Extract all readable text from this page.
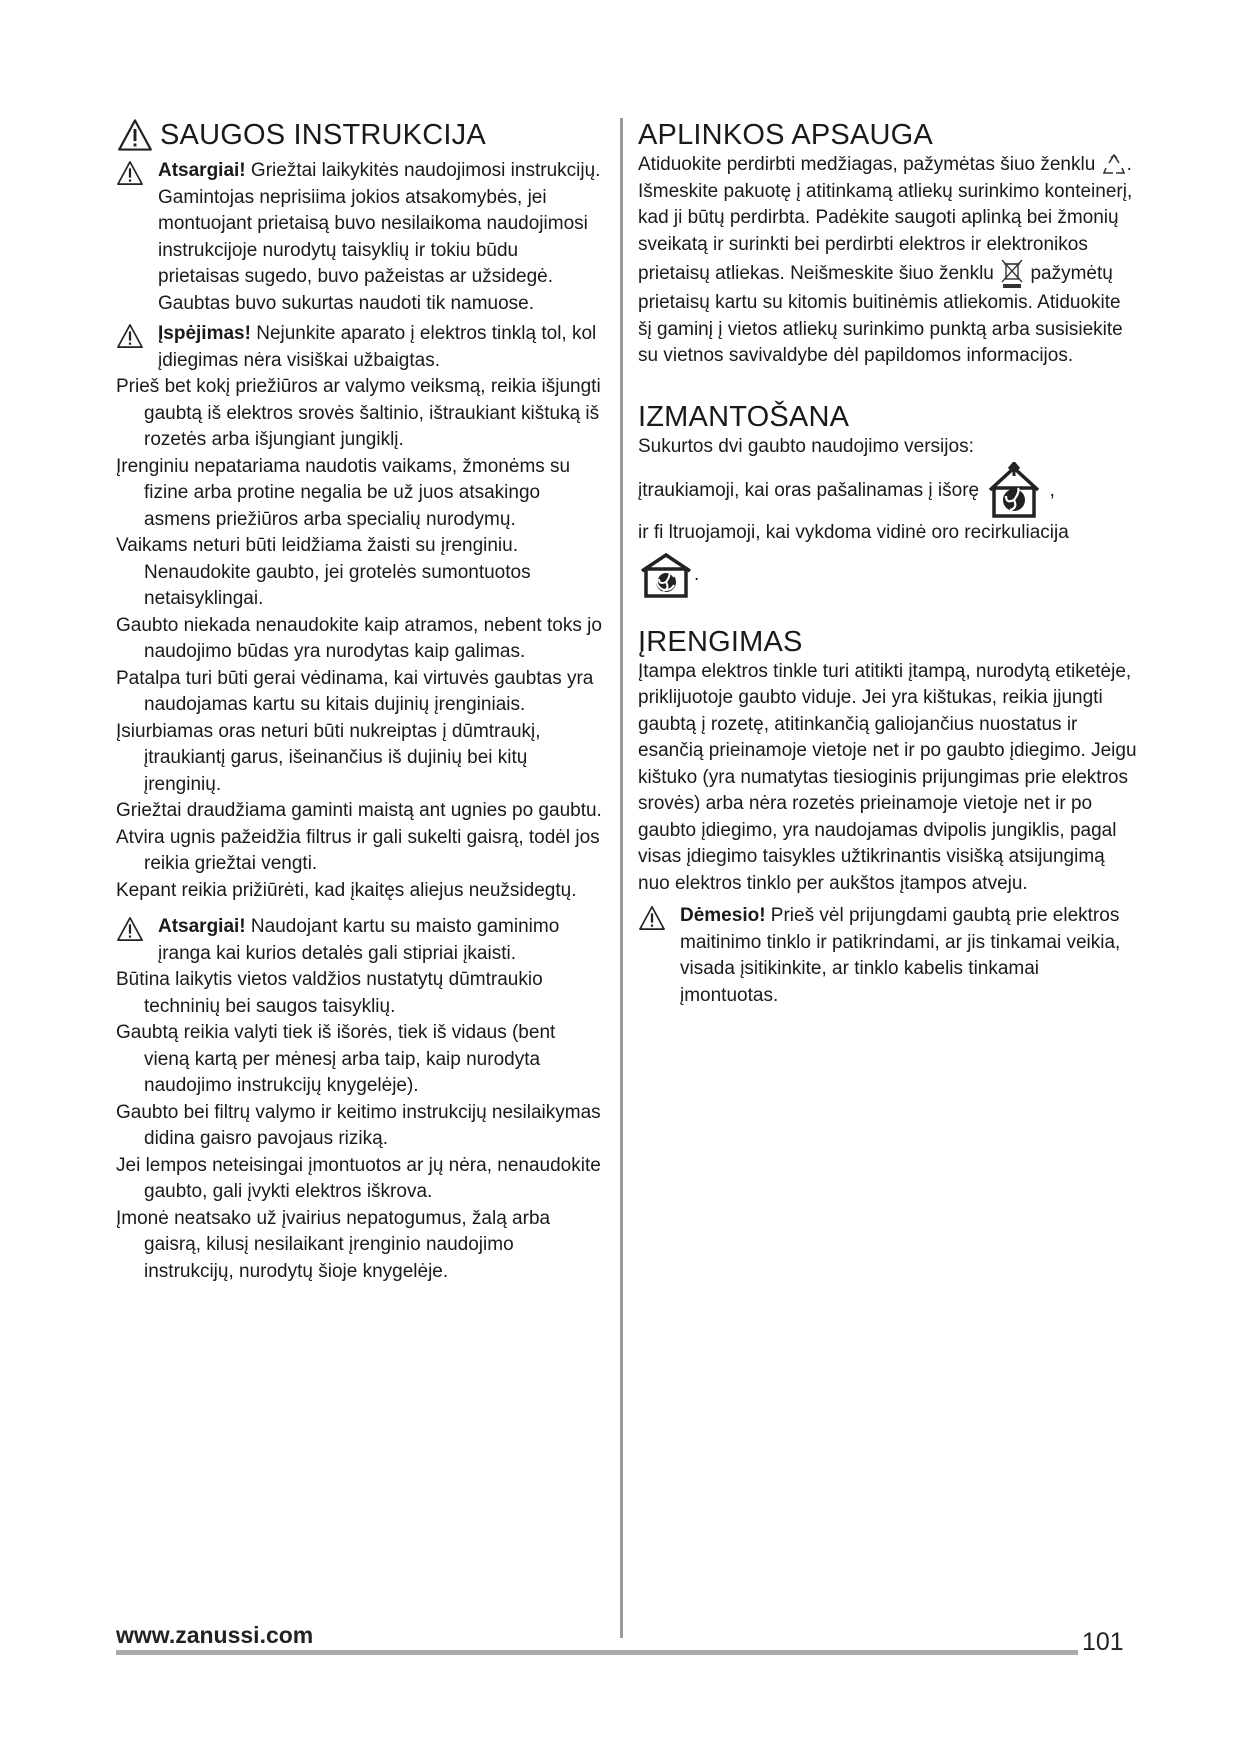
SAUGOS INSTRUKCIJA

Atsargiai! Griežtai laikykitės naudojimosi instrukcijų. Gamintojas neprisiima jokios atsakomybės, jei montuojant prietaisą buvo nesilaikoma naudojimosi instrukcijoje nurodytų taisyklių ir tokiu būdu prietaisas sugedo, buvo pažeistas ar užsidegė. Gaubtas buvo sukurtas naudoti tik namuose.

Įspėjimas! Nejunkite aparato į elektros tinklą tol, kol įdiegimas nėra visiškai užbaigtas.

Prieš bet kokį priežiūros ar valymo veiksmą, reikia išjungti gaubtą iš elektros srovės šaltinio, ištraukiant kištuką iš rozetės arba išjungiant jungiklį.

Įrenginiu nepatariama naudotis vaikams, žmonėms su fizine arba protine negalia be už juos atsakingo asmens priežiūros arba specialių nurodymų.

Vaikams neturi būti leidžiama žaisti su įrenginiu. Nenaudokite gaubto, jei grotelės sumontuotos netaisyklingai.

Gaubto niekada nenaudokite kaip atramos, nebent toks jo naudojimo būdas yra nurodytas kaip galimas.

Patalpa turi būti gerai vėdinama, kai virtuvės gaubtas yra naudojamas kartu su kitais dujinių įrenginiais.

Įsiurbiamas oras neturi būti nukreiptas į dūmtraukį, įtraukiantį garus, išeinančius iš dujinių bei kitų įrenginių.

Griežtai draudžiama gaminti maistą ant ugnies po gaubtu.

Atvira ugnis pažeidžia filtrus ir gali sukelti gaisrą, todėl jos reikia griežtai vengti.

Kepant reikia prižiūrėti, kad įkaitęs aliejus neužsidegtų.

Atsargiai! Naudojant kartu su maisto gaminimo įranga kai kurios detalės gali stipriai įkaisti.

Būtina laikytis vietos valdžios nustatytų dūmtraukio techninių bei saugos taisyklių.

Gaubtą reikia valyti tiek iš išorės, tiek iš vidaus (bent vieną kartą per mėnesį arba taip, kaip nurodyta naudojimo instrukcijų knygelėje).

Gaubto bei filtrų valymo ir keitimo instrukcijų nesilaikymas didina gaisro pavojaus riziką.

Jei lempos neteisingai įmontuotos ar jų nėra, nenaudokite gaubto, gali įvykti elektros iškrova.

Įmonė neatsako už įvairius nepatogumus, žalą arba gaisrą, kilusį nesilaikant įrenginio naudojimo instrukcijų, nurodytų šioje knygelėje.

APLINKOS APSAUGA

Atiduokite perdirbti medžiagas, pažymėtas šiuo ženklu . Išmeskite pakuotę į atitinkamą atliekų surinkimo konteinerį, kad ji būtų perdirbta. Padėkite saugoti aplinką bei žmonių sveikatą ir surinkti bei perdirbti elektros ir elektronikos prietaisų atliekas. Neišmeskite šiuo ženklu pažymėtų prietaisų kartu su kitomis buitinėmis atliekomis. Atiduokite šį gaminį į vietos atliekų surinkimo punktą arba susisiekite su vietnos savivaldybe dėl papildomos informacijos.

IZMANTOŠANA

Sukurtos dvi gaubto naudojimo versijos:

įtraukiamoji, kai oras pašalinamas į išorę	,

ir fi ltruojamoji, kai vykdoma vidinė oro recirkuliacija

.

ĮRENGIMAS

Įtampa elektros tinkle turi atitikti įtampą, nurodytą etiketėje, priklijuotoje gaubto viduje. Jei yra kištukas, reikia įjungti gaubtą į rozetę, atitinkančią galiojančius nuostatus ir esančią prieinamoje vietoje net ir po gaubto įdiegimo. Jeigu kištuko (yra numatytas tiesioginis prijungimas prie elektros srovės) arba nėra rozetės prieinamoje vietoje net ir po gaubto įdiegimo, yra naudojamas dvipolis jungiklis, pagal visas įdiegimo taisykles užtikrinantis visišką atsijungimą nuo elektros tinklo per aukštos įtampos atveju.

Dėmesio! Prieš vėl prijungdami gaubtą prie elektros maitinimo tinklo ir patikrindami, ar jis tinkamai veikia, visada įsitikinkite, ar tinklo kabelis tinkamai įmontuotas.

www.zanussi.com	101
